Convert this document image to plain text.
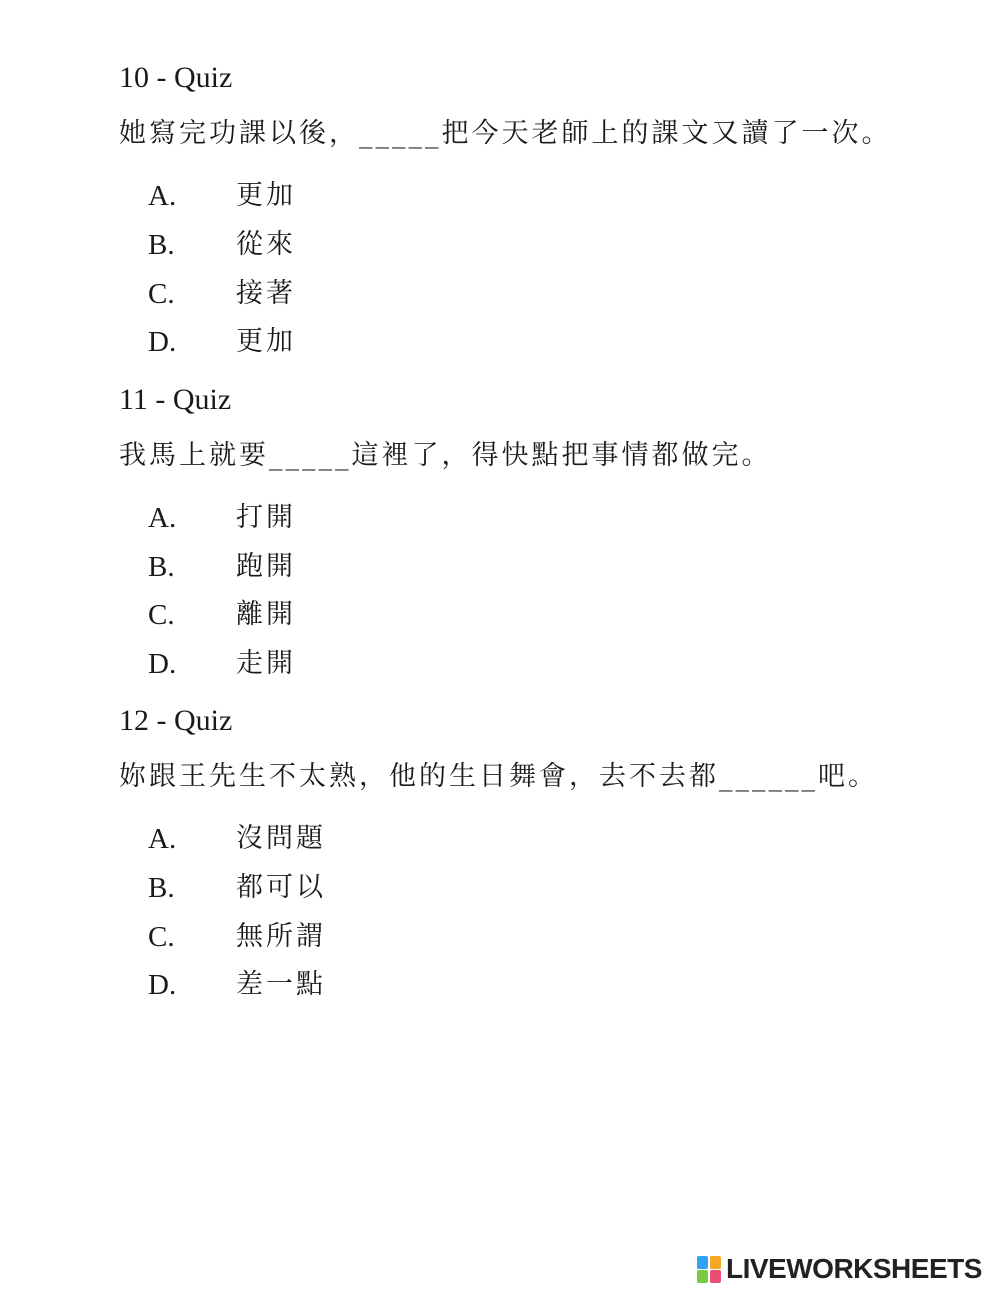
10 - Quiz
她寫完功課以後，_____把今天老師上的課文又讀了一次。
A. 更加
B. 從來
C. 接著
D. 更加
11 - Quiz
我馬上就要_____這裡了，得快點把事情都做完。
A. 打開
B. 跑開
C. 離開
D. 走開
12 - Quiz
妳跟王先生不太熟，他的生日舞會，去不去都______吧。
A. 沒問題
B. 都可以
C. 無所謂
D. 差一點
LIVEWORKSHEETS
